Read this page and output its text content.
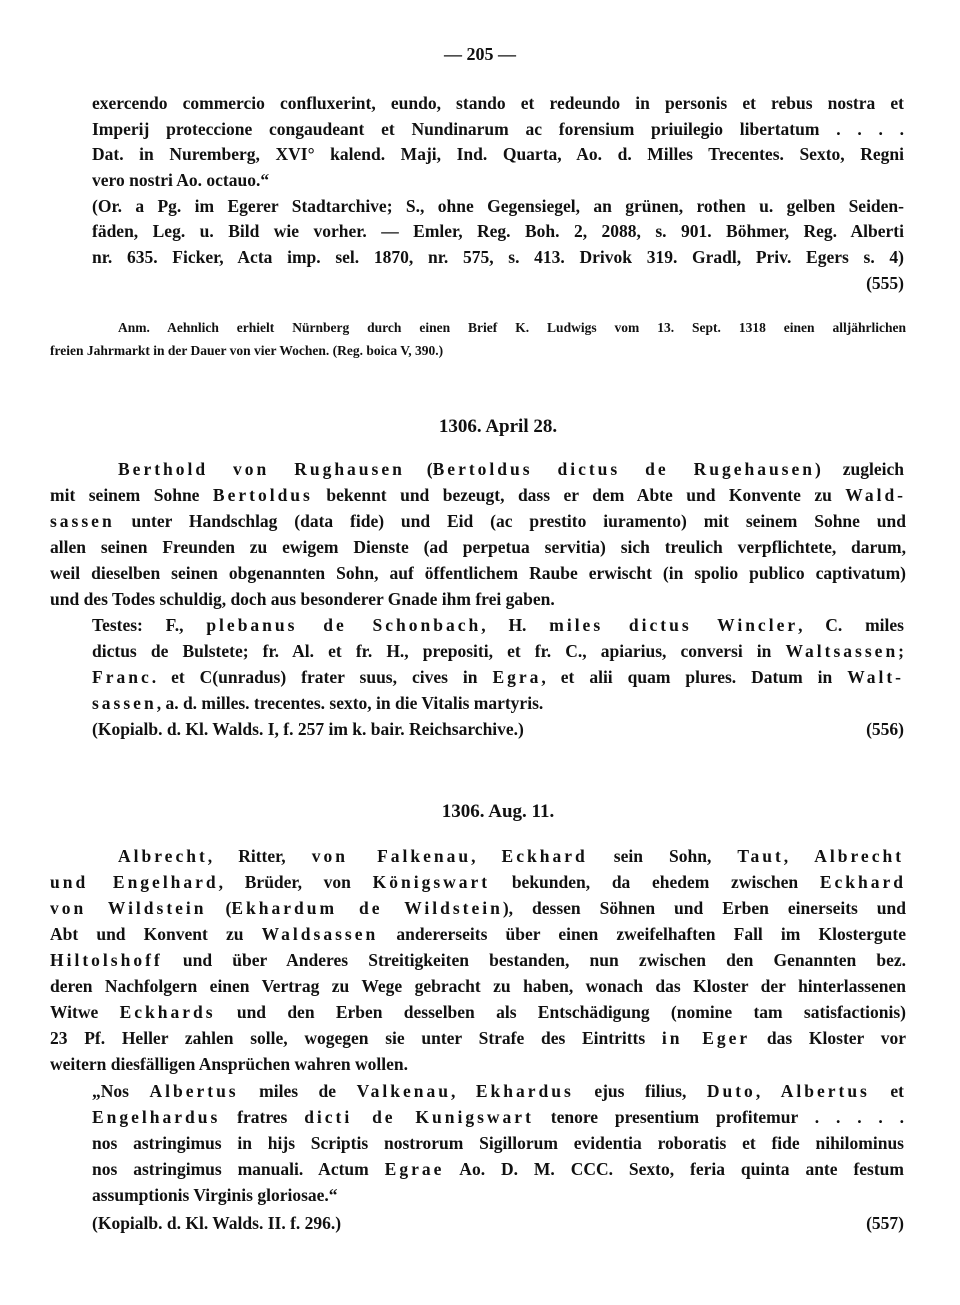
— 205 —
exercendo commercio confluxerint, eundo, stando et redeundo in personis et rebus nostra et
Imperij proteccione congaudeant et Nundinarum ac forensium priuilegio libertatum . . . .
Dat. in Nuremberg, XVI° kalend. Maji, Ind. Quarta, Ao. d. Milles Trecentes. Sexto, Regni
vero nostri Ao. octauo.“
(Or. a Pg. im Egerer Stadtarchive; S., ohne Gegensiegel, an grünen, rothen u. gelben Seiden-
fäden, Leg. u. Bild wie vorher. — Emler, Reg. Boh. 2, 2088, s. 901. Böhmer, Reg. Alberti
nr. 635. Ficker, Acta imp. sel. 1870, nr. 575, s. 413. Drivok 319. Gradl, Priv. Egers s. 4)
(555)
Anm. Aehnlich erhielt Nürnberg durch einen Brief K. Ludwigs vom 13. Sept. 1318 einen alljährlichen
freien Jahrmarkt in der Dauer von vier Wochen. (Reg. boica V, 390.)
1306. April 28.
Berthold von Rughausen (Bertoldus dictus de Rugehausen) zugleich
mit seinem Sohne Bertoldus bekennt und bezeugt, dass er dem Abte und Konvente zu Wald-
sassen unter Handschlag (data fide) und Eid (ac prestito iuramento) mit seinem Sohne und
allen seinen Freunden zu ewigem Dienste (ad perpetua servitia) sich treulich verpflichtete, darum,
weil dieselben seinen obgenannten Sohn, auf öffentlichem Raube erwischt (in spolio publico captivatum)
und des Todes schuldig, doch aus besonderer Gnade ihm frei gaben.
Testes: F., plebanus de Schonbach, H. miles dictus Wincler, C. miles
dictus de Bulstete; fr. Al. et fr. H., prepositi, et fr. C., apiarius, conversi in Waltsassen;
Franc. et C(unradus) frater suus, cives in Egra, et alii quam plures. Datum in Walt-
sassen, a. d. milles. trecentes. sexto, in die Vitalis martyris.
(Kopialb. d. Kl. Walds. I, f. 257 im k. bair. Reichsarchive.)	(556)
1306. Aug. 11.
Albrecht, Ritter, von Falkenau, Eckhard sein Sohn, Taut, Albrecht
und Engelhard, Brüder, von Königswart bekunden, da ehedem zwischen Eckhard
von Wildstein (Ekhardum de Wildstein), dessen Söhnen und Erben einerseits und
Abt und Konvent zu Waldsassen andererseits über einen zweifelhaften Fall im Klostergute
Hiltolshoff und über Anderes Streitigkeiten bestanden, nun zwischen den Genannten bez.
deren Nachfolgern einen Vertrag zu Wege gebracht zu haben, wonach das Kloster der hinterlassenen
Witwe Eckhards und den Erben desselben als Entschädigung (nomine tam satisfactionis)
23 Pf. Heller zahlen solle, wogegen sie unter Strafe des Eintritts in Eger das Kloster vor
weitern diesfälligen Ansprüchen wahren wollen.
„Nos Albertus miles de Valkenau, Ekhardus ejus filius, Duto, Albertus et
Engelhardus fratres dicti de Kunigswart tenore presentium profitemur . . . . .
nos astringimus in hijs Scriptis nostrorum Sigillorum evidentia roboratis et fide nihilominus
nos astringimus manuali. Actum Egrae Ao. D. M. CCC. Sexto, feria quinta ante festum
assumptionis Virginis gloriosae.“
(Kopialb. d. Kl. Walds. II. f. 296.)	(557)
